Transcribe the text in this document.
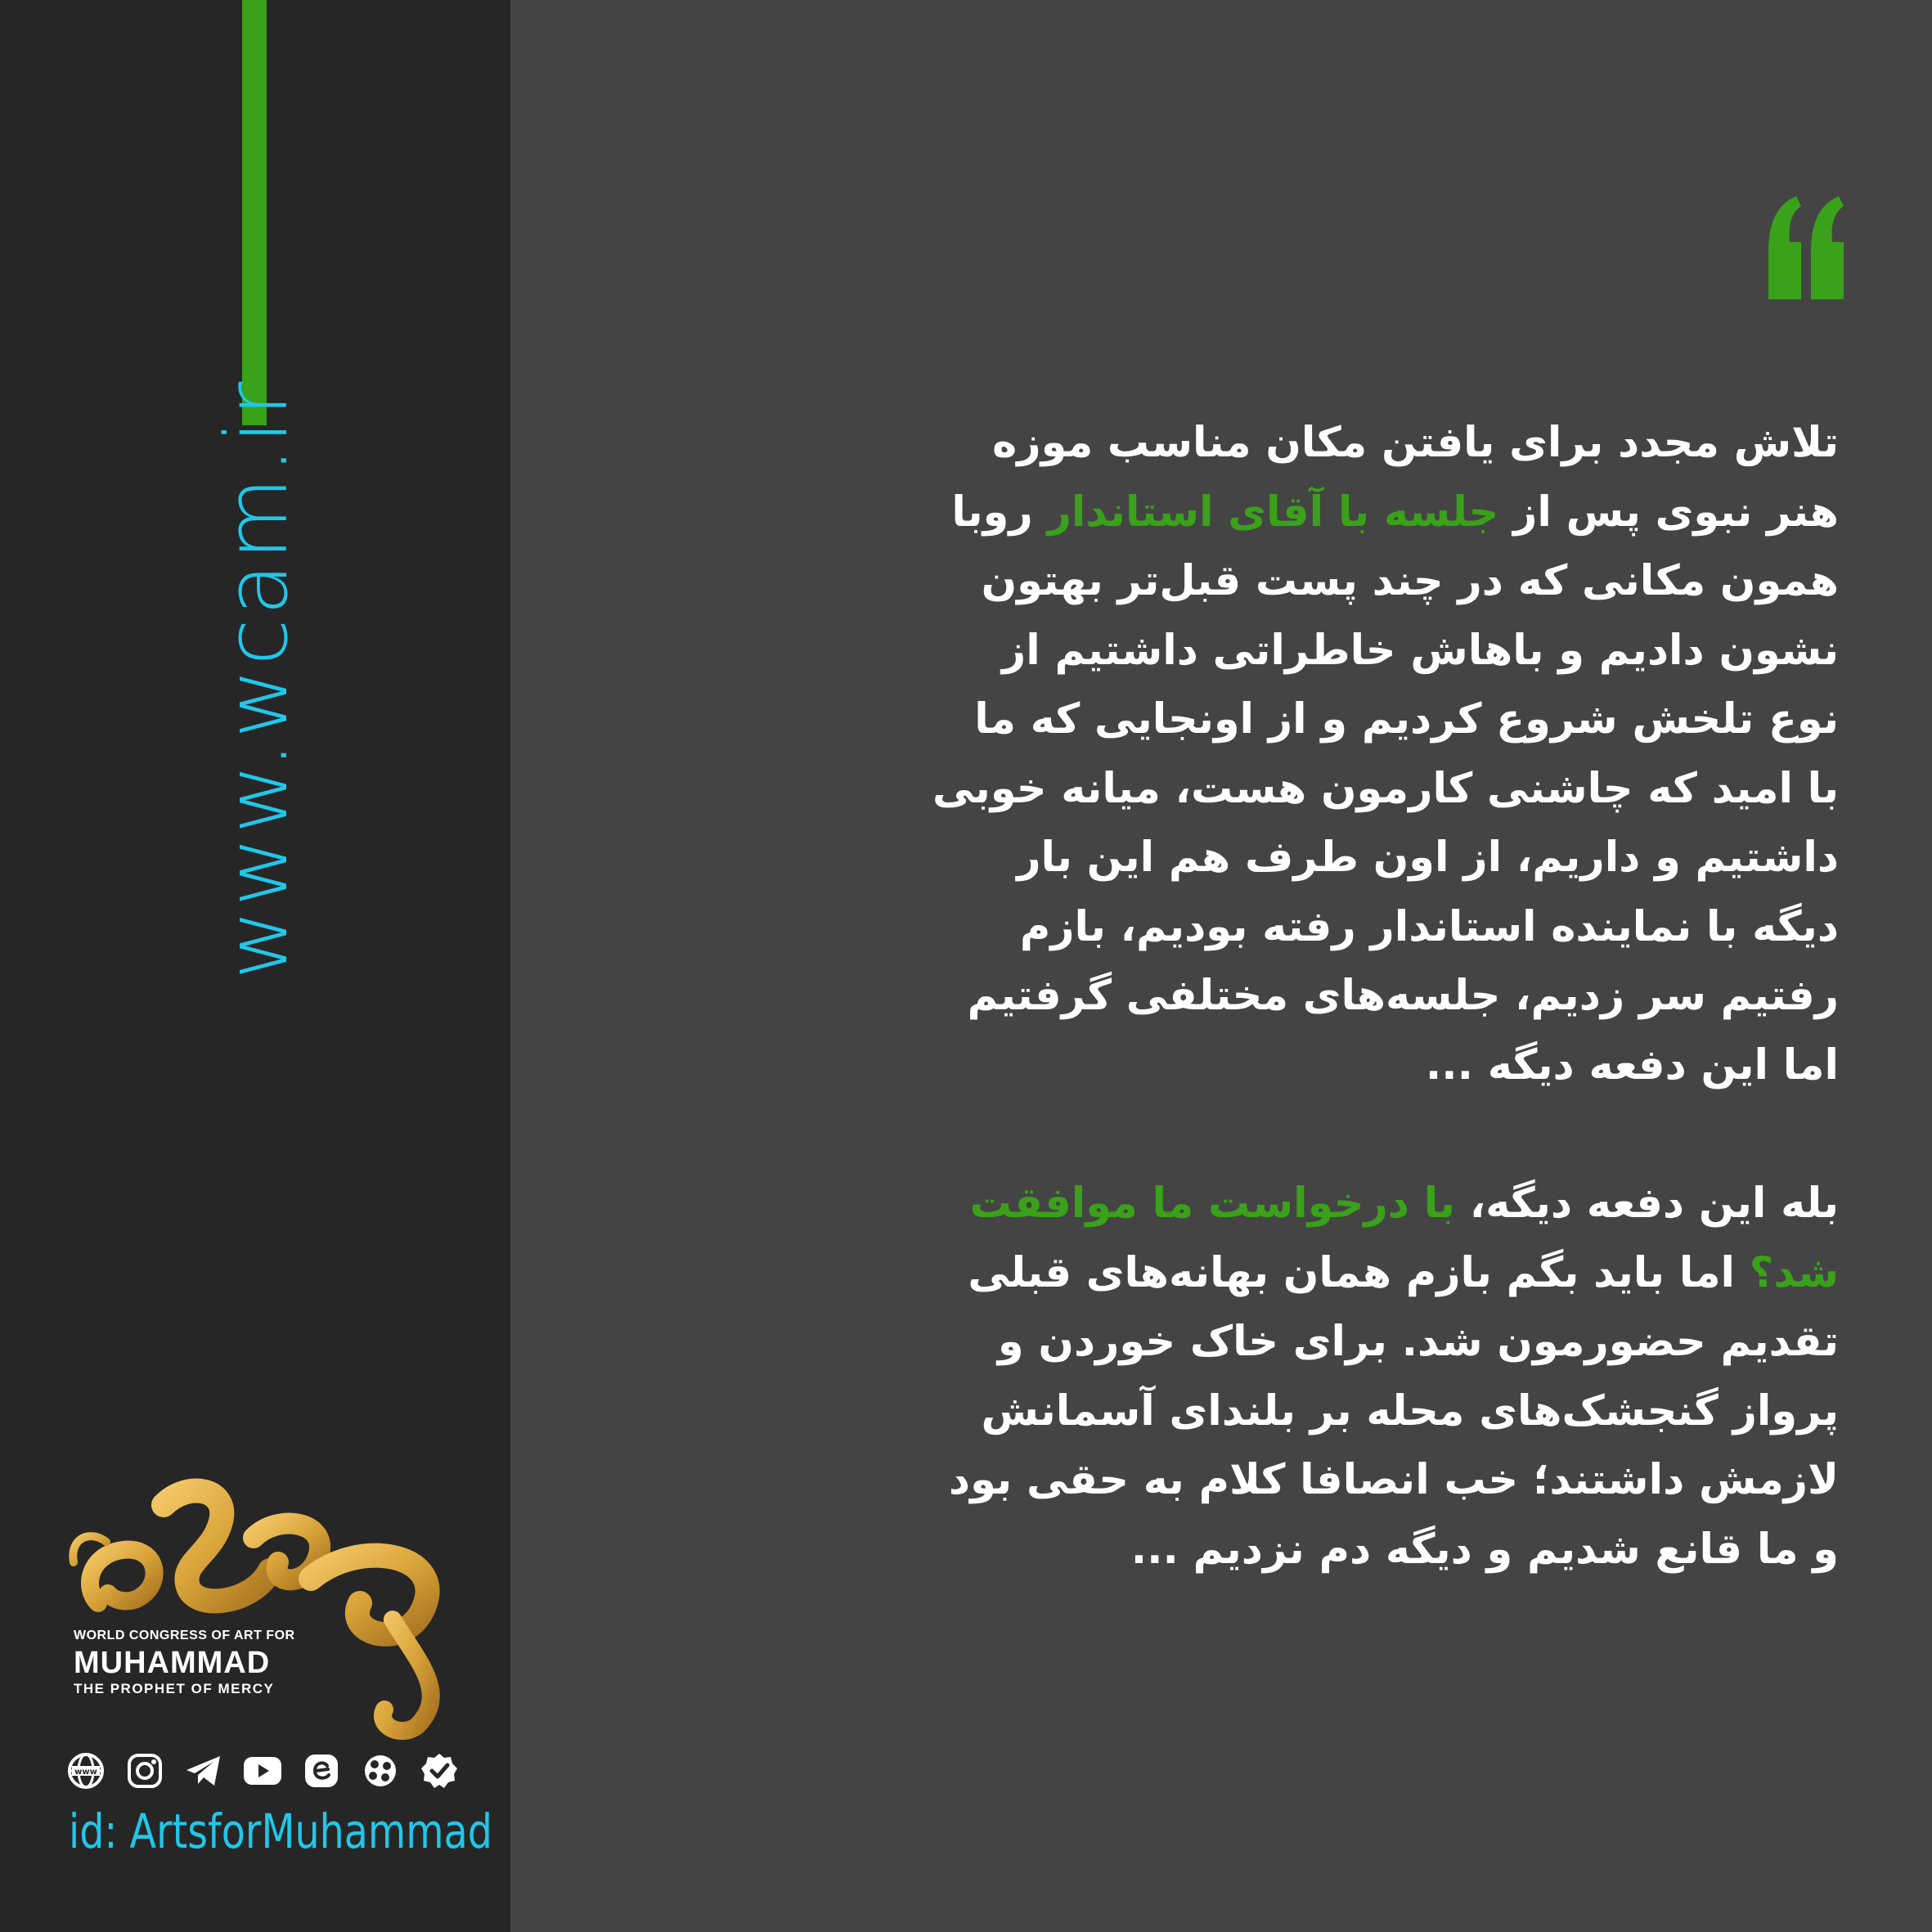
www.wcam.ir
WORLD CONGRESS OF ART FOR
MUHAMMAD
THE PROPHET OF MERCY
www
id: ArtsforMuhammad

تلاش مجدد برای یافتن مکان مناسب موزه هنر نبوی پس از جلسه با آقای استاندار روبا همون مکانی که در چند پست قبل‌تر بهتون نشون دادیم و باهاش خاطراتی داشتیم از نوع تلخش شروع کردیم و از اونجایی که ما با امید که چاشنی کارمون هست، میانه خوبی داشتیم و داریم، از اون طرف هم این بار دیگه با نماینده استاندار رفته بودیم، بازم رفتیم سر زدیم، جلسه‌های مختلفی گرفتیم اما این دفعه دیگه ...

بله این دفعه دیگه، با درخواست ما موافقت شد؟ اما باید بگم بازم همان بهانه‌های قبلی تقدیم حضورمون شد. برای خاک خوردن و پرواز گنجشک‌های محله بر بلندای آسمانش لازمش داشتند؛ خب انصافا کلام به حقی بود و ما قانع شدیم و دیگه دم نزدیم ...
